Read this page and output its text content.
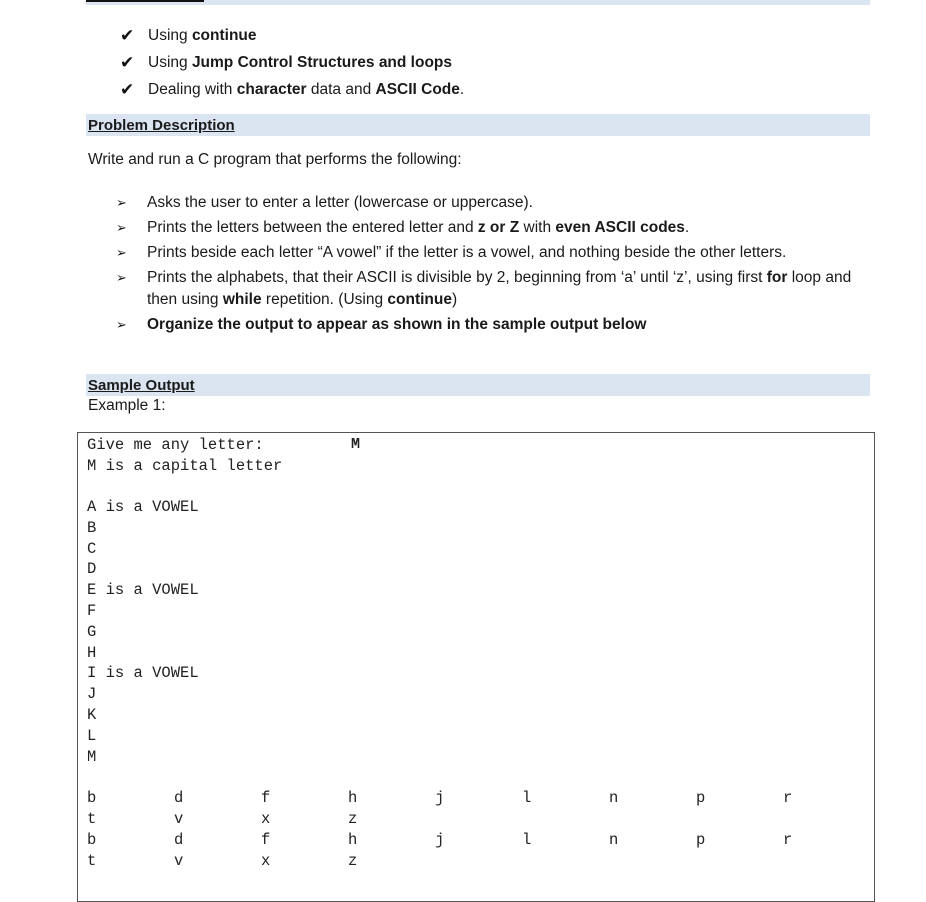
✔ Using continue
✔ Using Jump Control Structures and loops
✔ Dealing with character data and ASCII Code.
Problem Description
Write and run a C program that performs the following:
➢	Asks the user to enter a letter (lowercase or uppercase).
➢	Prints the letters between the entered letter and z or Z with even ASCII codes.
➢	Prints beside each letter “A vowel” if the letter is a vowel, and nothing beside the other letters.
➢	Prints the alphabets, that their ASCII is divisible by 2, beginning from ‘a’ until ‘z’, using first for loop and then using while repetition. (Using continue)
➢	Organize the output to appear as shown in the sample output below
Sample Output
Example 1:
Give me any letter:	M
M is a capital letter
A is a VOWEL
B
C
D
E is a VOWEL
F
G
H
I is a VOWEL
J
K
L
M
b	d	f	h	j	l	n	p	r
t	v	x	z
b	d	f	h	j	l	n	p	r
t	v	x	z
